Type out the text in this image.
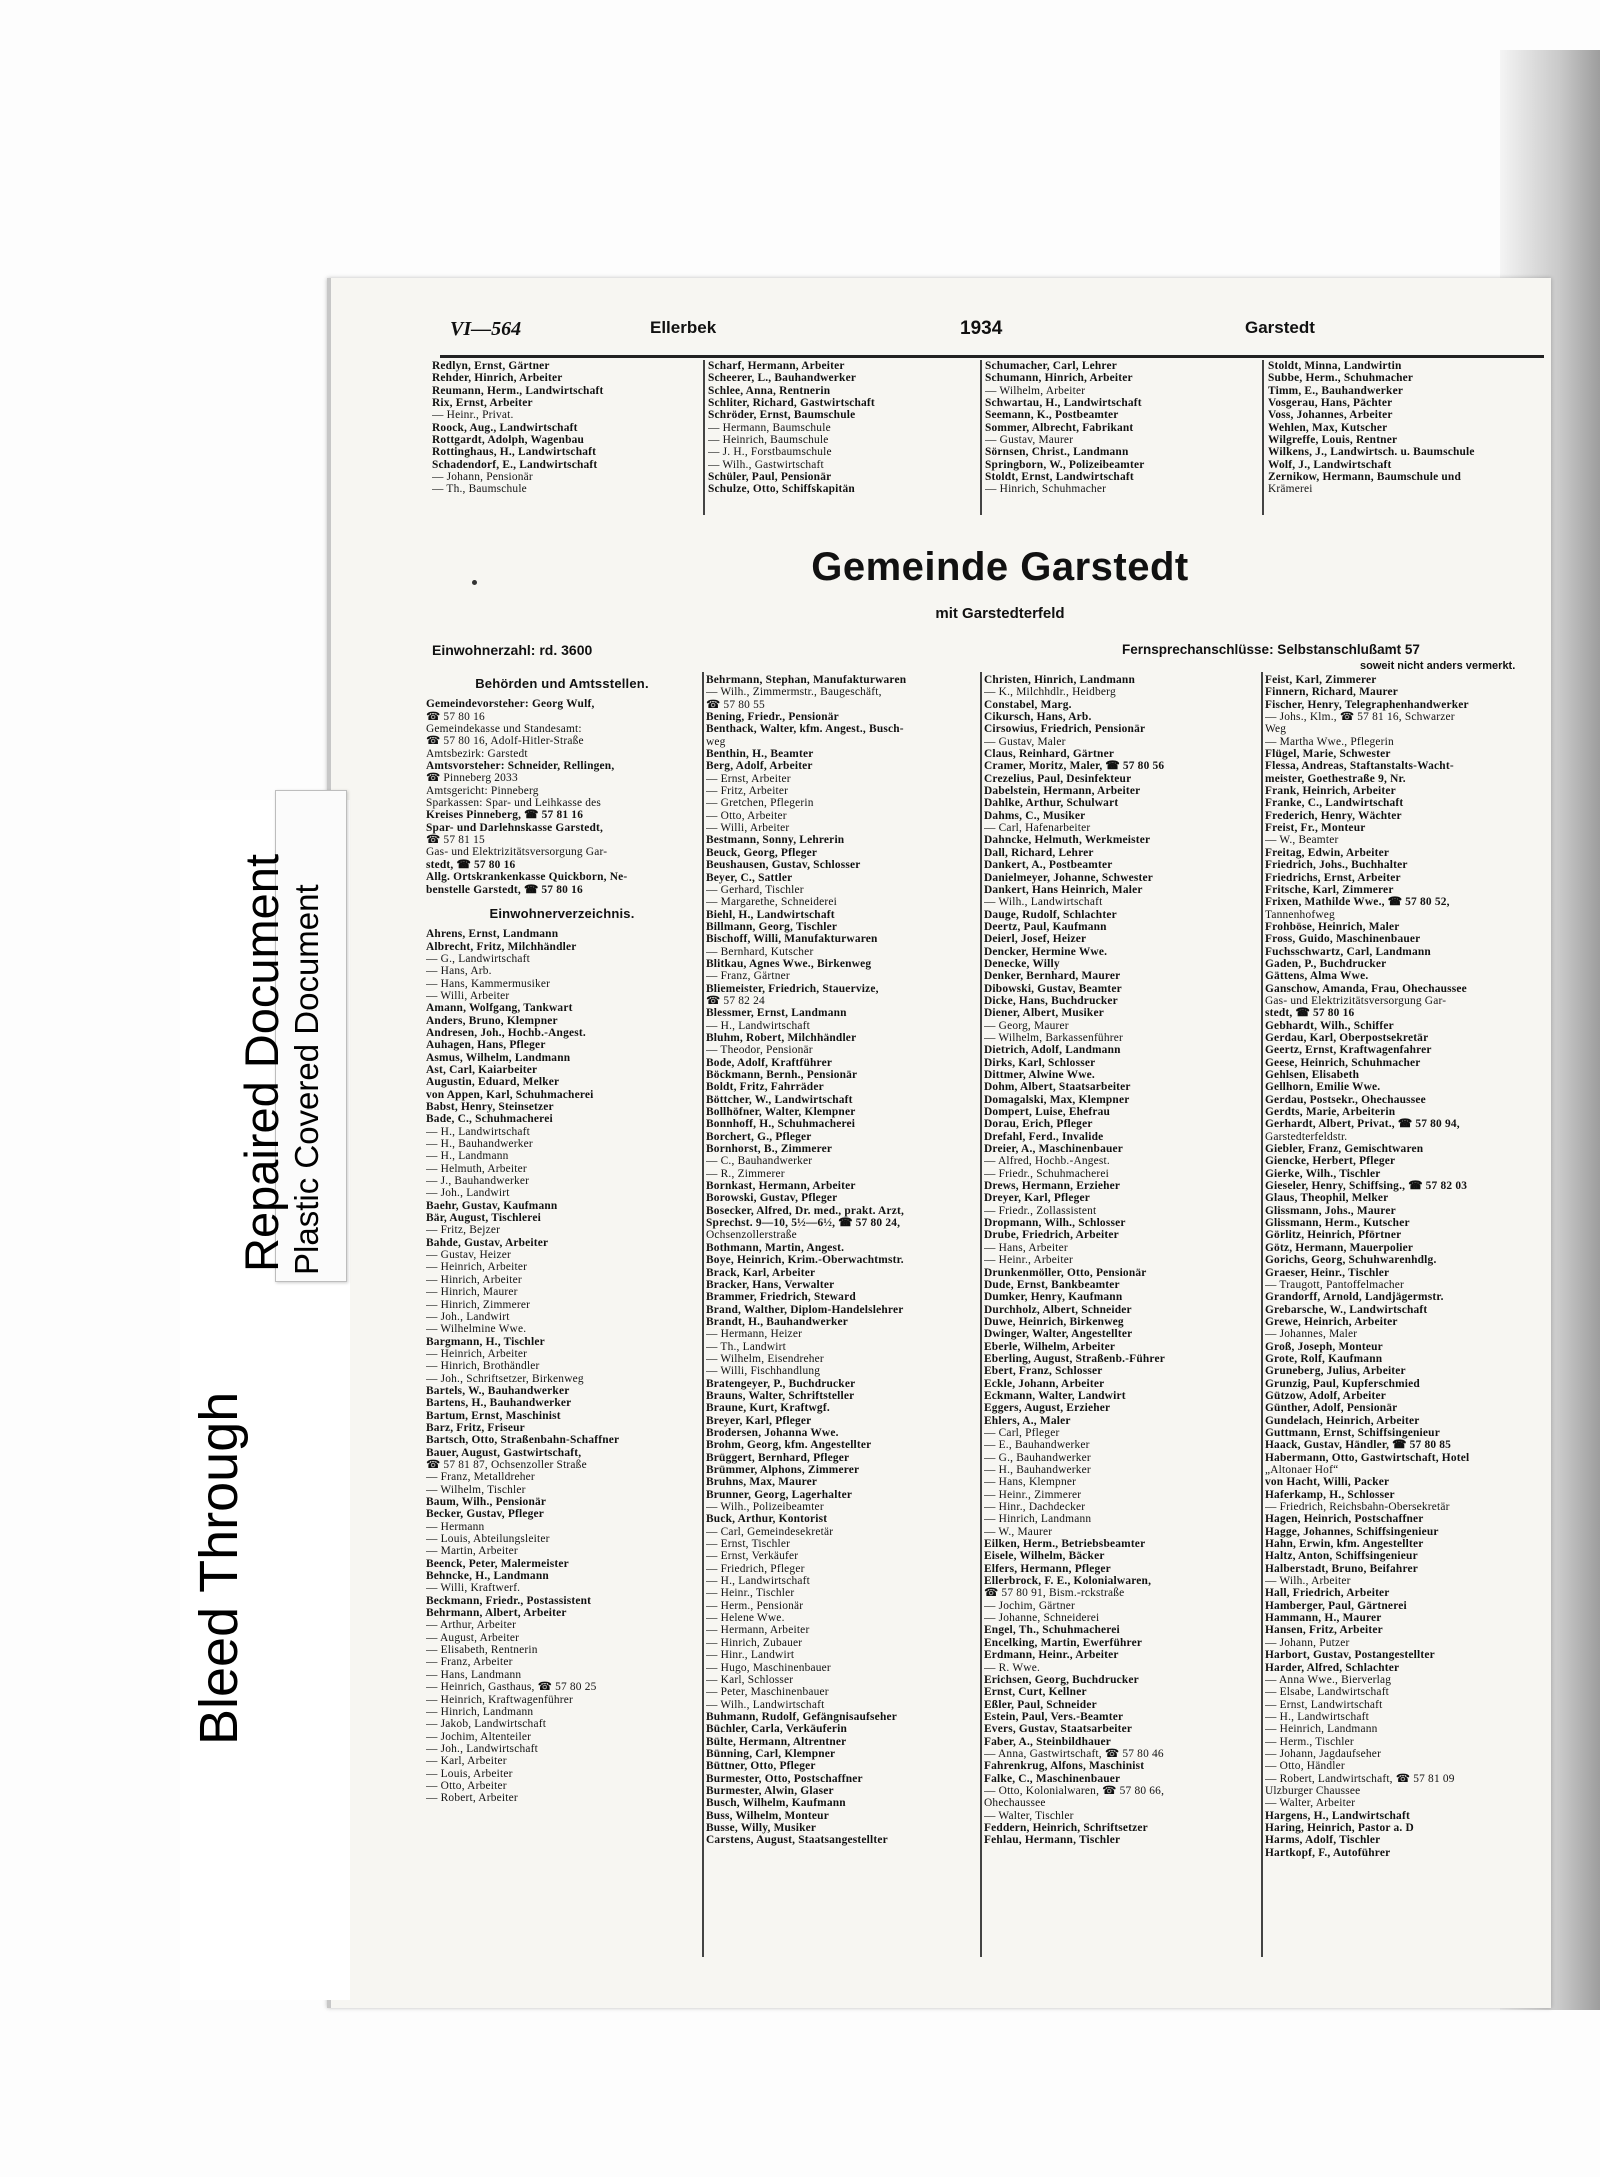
VI—564	Ellerbek	1934	Garstedt
Redlyn, Ernst, Gärtner
Rehder, Hinrich, Arbeiter
Reumann, Herm., Landwirtschaft
Rix, Ernst, Arbeiter
— Heinr., Privat.
Roock, Aug., Landwirtschaft
Rottgardt, Adolph, Wagenbau
Rottinghaus, H., Landwirtschaft
Schadendorf, E., Landwirtschaft
— Johann, Pensionär
— Th., Baumschule
Scharf, Hermann, Arbeiter
Scheerer, L., Bauhandwerker
Schlee, Anna, Rentnerin
Schliter, Richard, Gastwirtschaft
Schröder, Ernst, Baumschule
— Hermann, Baumschule
— Heinrich, Baumschule
— J. H., Forstbaumschule
— Wilh., Gastwirtschaft
Schüler, Paul, Pensionär
Schulze, Otto, Schiffskapitän
Schumacher, Carl, Lehrer
Schumann, Hinrich, Arbeiter
— Wilhelm, Arbeiter
Schwartau, H., Landwirtschaft
Seemann, K., Postbeamter
Sommer, Albrecht, Fabrikant
— Gustav, Maurer
Sörnsen, Christ., Landmann
Springborn, W., Polizeibeamter
Stoldt, Ernst, Landwirtschaft
— Hinrich, Schuhmacher
Stoldt, Minna, Landwirtin
Subbe, Herm., Schuhmacher
Timm, E., Bauhandwerker
Vosgerau, Hans, Pächter
Voss, Johannes, Arbeiter
Wehlen, Max, Kutscher
Wilgreffe, Louis, Rentner
Wilkens, J., Landwirtsch. u. Baumschule
Wolf, J., Landwirtschaft
Zernikow, Hermann, Baumschule und
Krämerei
Gemeinde Garstedt
mit Garstedterfeld
Einwohnerzahl: rd. 3600	Fernsprechanschlüsse: Selbstanschlußamt 57
soweit nicht anders vermerkt.
Behörden und Amtsstellen.
Gemeindevorsteher: Georg Wulf,
☎ 57 80 16
Gemeindekasse und Standesamt:
☎ 57 80 16, Adolf-Hitler-Straße
Amtsbezirk: Garstedt
Amtsvorsteher: Schneider, Rellingen,
☎ Pinneberg 2033
Amtsgericht: Pinneberg
Sparkassen: Spar- und Leihkasse des
Kreises Pinneberg, ☎ 57 81 16
Spar- und Darlehnskasse Garstedt,
☎ 57 81 15
Gas- und Elektrizitätsversorgung Gar-
stedt, ☎ 57 80 16
Allg. Ortskrankenkasse Quickborn, Ne-
benstelle Garstedt, ☎ 57 80 16
Einwohnerverzeichnis.
Ahrens, Ernst, Landmann
Albrecht, Fritz, Milchhändler
— G., Landwirtschaft
— Hans, Arb.
— Hans, Kammermusiker
— Willi, Arbeiter
Amann, Wolfgang, Tankwart
Anders, Bruno, Klempner
Andresen, Joh., Hochb.-Angest.
Auhagen, Hans, Pfleger
Asmus, Wilhelm, Landmann
Ast, Carl, Kaiarbeiter
Augustin, Eduard, Melker
von Appen, Karl, Schuhmacherei
Babst, Henry, Steinsetzer
Bade, C., Schuhmacherei
— H., Landwirtschaft
— H., Bauhandwerker
— H., Landmann
— Helmuth, Arbeiter
— J., Bauhandwerker
— Joh., Landwirt
Baehr, Gustav, Kaufmann
Bär, August, Tischlerei
— Fritz, Bejzer
Bahde, Gustav, Arbeiter
— Gustav, Heizer
— Heinrich, Arbeiter
— Hinrich, Arbeiter
— Hinrich, Maurer
— Hinrich, Zimmerer
— Joh., Landwirt
— Wilhelmine Wwe.
Bargmann, H., Tischler
— Heinrich, Arbeiter
— Hinrich, Brothändler
— Joh., Schriftsetzer, Birkenweg
Bartels, W., Bauhandwerker
Bartens, H., Bauhandwerker
Bartum, Ernst, Maschinist
Barz, Fritz, Friseur
Bartsch, Otto, Straßenbahn-Schaffner
Bauer, August, Gastwirtschaft,
☎ 57 81 87, Ochsenzoller Straße
— Franz, Metalldreher
— Wilhelm, Tischler
Baum, Wilh., Pensionär
Becker, Gustav, Pfleger
— Hermann
— Louis, Abteilungsleiter
— Martin, Arbeiter
Beenck, Peter, Malermeister
Behncke, H., Landmann
— Willi, Kraftwerf.
Beckmann, Friedr., Postassistent
Behrmann, Albert, Arbeiter
— Arthur, Arbeiter
— August, Arbeiter
— Elisabeth, Rentnerin
— Franz, Arbeiter
— Hans, Landmann
— Heinrich, Gasthaus, ☎ 57 80 25
— Heinrich, Kraftwagenführer
— Hinrich, Landmann
— Jakob, Landwirtschaft
— Jochim, Altenteiler
— Joh., Landwirtschaft
— Karl, Arbeiter
— Louis, Arbeiter
— Otto, Arbeiter
— Robert, Arbeiter
Behrmann, Stephan, Manufakturwaren
— Wilh., Zimmermstr., Baugeschäft,
☎ 57 80 55
Bening, Friedr., Pensionär
Benthack, Walter, kfm. Angest., Busch-
weg
Benthin, H., Beamter
Berg, Adolf, Arbeiter
— Ernst, Arbeiter
— Fritz, Arbeiter
— Gretchen, Pflegerin
— Otto, Arbeiter
— Willi, Arbeiter
Bestmann, Sonny, Lehrerin
Beuck, Georg, Pfleger
Beushausen, Gustav, Schlosser
Beyer, C., Sattler
— Gerhard, Tischler
— Margarethe, Schneiderei
Biehl, H., Landwirtschaft
Billmann, Georg, Tischler
Bischoff, Willi, Manufakturwaren
— Bernhard, Kutscher
Blitkau, Agnes Wwe., Birkenweg
— Franz, Gärtner
Bliemeister, Friedrich, Stauervize,
☎ 57 82 24
Blessmer, Ernst, Landmann
— H., Landwirtschaft
Bluhm, Robert, Milchhändler
— Theodor, Pensionär
Bode, Adolf, Kraftführer
Böckmann, Bernh., Pensionär
Boldt, Fritz, Fahrräder
Böttcher, W., Landwirtschaft
Bollhöfner, Walter, Klempner
Bonnhoff, H., Schuhmacherei
Borchert, G., Pfleger
Bornhorst, B., Zimmerer
— C., Bauhandwerker
— R., Zimmerer
Bornkast, Hermann, Arbeiter
Borowski, Gustav, Pfleger
Bosecker, Alfred, Dr. med., prakt. Arzt,
Sprechst. 9—10, 5½—6½, ☎ 57 80 24,
Ochsenzollerstraße
Bothmann, Martin, Angest.
Boye, Heinrich, Krim.-Oberwachtmstr.
Brack, Karl, Arbeiter
Bracker, Hans, Verwalter
Brammer, Friedrich, Steward
Brand, Walther, Diplom-Handelslehrer
Brandt, H., Bauhandwerker
— Hermann, Heizer
— Th., Landwirt
— Wilhelm, Eisendreher
— Willi, Fischhandlung
Bratengeyer, P., Buchdrucker
Brauns, Walter, Schriftsteller
Braune, Kurt, Kraftwgf.
Breyer, Karl, Pfleger
Brodersen, Johanna Wwe.
Brohm, Georg, kfm. Angestellter
Brüggert, Bernhard, Pfleger
Brümmer, Alphons, Zimmerer
Bruhns, Max, Maurer
Brunner, Georg, Lagerhalter
— Wilh., Polizeibeamter
Buck, Arthur, Kontorist
— Carl, Gemeindesekretär
— Ernst, Tischler
— Ernst, Verkäufer
— Friedrich, Pfleger
— H., Landwirtschaft
— Heinr., Tischler
— Herm., Pensionär
— Helene Wwe.
— Hermann, Arbeiter
— Hinrich, Zubauer
— Hinr., Landwirt
— Hugo, Maschinenbauer
— Karl, Schlosser
— Peter, Maschinenbauer
— Wilh., Landwirtschaft
Buhmann, Rudolf, Gefängnisaufseher
Büchler, Carla, Verkäuferin
Bülte, Hermann, Altrentner
Bünning, Carl, Klempner
Büttner, Otto, Pfleger
Burmester, Otto, Postschaffner
Burmester, Alwin, Glaser
Busch, Wilhelm, Kaufmann
Buss, Wilhelm, Monteur
Busse, Willy, Musiker
Carstens, August, Staatsangestellter
Christen, Hinrich, Landmann
— K., Milchhdlr., Heidberg
Constabel, Marg.
Cikursch, Hans, Arb.
Cirsowius, Friedrich, Pensionär
— Gustav, Maler
Claus, Reinhard, Gärtner
Cramer, Moritz, Maler, ☎ 57 80 56
Crezelius, Paul, Desinfekteur
Dabelstein, Hermann, Arbeiter
Dahlke, Arthur, Schulwart
Dahms, C., Musiker
— Carl, Hafenarbeiter
Dahncke, Helmuth, Werkmeister
Dall, Richard, Lehrer
Dankert, A., Postbeamter
Danielmeyer, Johanne, Schwester
Dankert, Hans Heinrich, Maler
— Wilh., Landwirtschaft
Dauge, Rudolf, Schlachter
Deertz, Paul, Kaufmann
Deierl, Josef, Heizer
Dencker, Hermine Wwe.
Denecke, Willy
Denker, Bernhard, Maurer
Dibowski, Gustav, Beamter
Dicke, Hans, Buchdrucker
Diener, Albert, Musiker
— Georg, Maurer
— Wilhelm, Barkassenführer
Dietrich, Adolf, Landmann
Dirks, Karl, Schlosser
Dittmer, Alwine Wwe.
Dohm, Albert, Staatsarbeiter
Domagalski, Max, Klempner
Dompert, Luise, Ehefrau
Dorau, Erich, Pfleger
Drefahl, Ferd., Invalide
Dreier, A., Maschinenbauer
— Alfred, Hochb.-Angest.
— Friedr., Schuhmacherei
Drews, Hermann, Erzieher
Dreyer, Karl, Pfleger
— Friedr., Zollassistent
Dropmann, Wilh., Schlosser
Drube, Friedrich, Arbeiter
— Hans, Arbeiter
— Heinr., Arbeiter
Drunkenmöller, Otto, Pensionär
Dude, Ernst, Bankbeamter
Dumker, Henry, Kaufmann
Durchholz, Albert, Schneider
Duwe, Heinrich, Birkenweg
Dwinger, Walter, Angestellter
Eberle, Wilhelm, Arbeiter
Eberling, August, Straßenb.-Führer
Ebert, Franz, Schlosser
Eckle, Johann, Arbeiter
Eckmann, Walter, Landwirt
Eggers, August, Erzieher
Ehlers, A., Maler
— Carl, Pfleger
— E., Bauhandwerker
— G., Bauhandwerker
— H., Bauhandwerker
— Hans, Klempner
— Heinr., Zimmerer
— Hinr., Dachdecker
— Hinrich, Landmann
— W., Maurer
Eilken, Herm., Betriebsbeamter
Eisele, Wilhelm, Bäcker
Elfers, Hermann, Pfleger
Ellerbrock, F. E., Kolonialwaren,
☎ 57 80 91, Bism.-rckstraße
— Jochim, Gärtner
— Johanne, Schneiderei
Engel, Th., Schuhmacherei
Encelking, Martin, Ewerführer
Erdmann, Heinr., Arbeiter
— R. Wwe.
Erichsen, Georg, Buchdrucker
Ernst, Curt, Kellner
Eßler, Paul, Schneider
Estein, Paul, Vers.-Beamter
Evers, Gustav, Staatsarbeiter
Faber, A., Steinbildhauer
— Anna, Gastwirtschaft, ☎ 57 80 46
Fahrenkrug, Alfons, Maschinist
Falke, C., Maschinenbauer
— Otto, Kolonialwaren, ☎ 57 80 66,
Ohechaussee
— Walter, Tischler
Feddern, Heinrich, Schriftsetzer
Fehlau, Hermann, Tischler
Feist, Karl, Zimmerer
Finnern, Richard, Maurer
Fischer, Henry, Telegraphenhandwerker
— Johs., Klm., ☎ 57 81 16, Schwarzer
Weg
— Martha Wwe., Pflegerin
Flügel, Marie, Schwester
Flessa, Andreas, Staftanstalts-Wacht-
meister, Goethestraße 9, Nr.
Frank, Heinrich, Arbeiter
Franke, C., Landwirtschaft
Frederich, Henry, Wächter
Freist, Fr., Monteur
— W., Beamter
Freitag, Edwin, Arbeiter
Friedrich, Johs., Buchhalter
Friedrichs, Ernst, Arbeiter
Fritsche, Karl, Zimmerer
Frixen, Mathilde Wwe., ☎ 57 80 52,
Tannenhofweg
Frohböse, Heinrich, Maler
Fross, Guido, Maschinenbauer
Fuchsschwartz, Carl, Landmann
Gaden, P., Buchdrucker
Gättens, Alma Wwe.
Ganschow, Amanda, Frau, Ohechaussee
Gas- und Elektrizitätsversorgung Gar-
stedt, ☎ 57 80 16
Gebhardt, Wilh., Schiffer
Gerdau, Karl, Oberpostsekretär
Geertz, Ernst, Kraftwagenfahrer
Geese, Heinrich, Schuhmacher
Gehlsen, Elisabeth
Gellhorn, Emilie Wwe.
Gerdau, Postsekr., Ohechaussee
Gerdts, Marie, Arbeiterin
Gerhardt, Albert, Privat., ☎ 57 80 94,
Garstedterfeldstr.
Giebler, Franz, Gemischtwaren
Giencke, Herbert, Pfleger
Gierke, Wilh., Tischler
Gieseler, Henry, Schiffsing., ☎ 57 82 03
Glaus, Theophil, Melker
Glissmann, Johs., Maurer
Glissmann, Herm., Kutscher
Görlitz, Heinrich, Pförtner
Götz, Hermann, Mauerpolier
Gorichs, Georg, Schuhwarenhdlg.
Graeser, Heinr., Tischler
— Traugott, Pantoffelmacher
Grandorff, Arnold, Landjägermstr.
Grebarsche, W., Landwirtschaft
Grewe, Heinrich, Arbeiter
— Johannes, Maler
Groß, Joseph, Monteur
Grote, Rolf, Kaufmann
Gruneberg, Julius, Arbeiter
Grunzig, Paul, Kupferschmied
Gützow, Adolf, Arbeiter
Günther, Adolf, Pensionär
Gundelach, Heinrich, Arbeiter
Guttmann, Ernst, Schiffsingenieur
Haack, Gustav, Händler, ☎ 57 80 85
Habermann, Otto, Gastwirtschaft, Hotel
„Altonaer Hof“
von Hacht, Willi, Packer
Haferkamp, H., Schlosser
— Friedrich, Reichsbahn-Obersekretär
Hagen, Heinrich, Postschaffner
Hagge, Johannes, Schiffsingenieur
Hahn, Erwin, kfm. Angestellter
Haltz, Anton, Schiffsingenieur
Halberstadt, Bruno, Beifahrer
— Wilh., Arbeiter
Hall, Friedrich, Arbeiter
Hamberger, Paul, Gärtnerei
Hammann, H., Maurer
Hansen, Fritz, Arbeiter
— Johann, Putzer
Harbort, Gustav, Postangestellter
Harder, Alfred, Schlachter
— Anna Wwe., Bierverlag
— Elsabe, Landwirtschaft
— Ernst, Landwirtschaft
— H., Landwirtschaft
— Heinrich, Landmann
— Herm., Tischler
— Johann, Jagdaufseher
— Otto, Händler
— Robert, Landwirtschaft, ☎ 57 81 09
Ulzburger Chaussee
— Walter, Arbeiter
Hargens, H., Landwirtschaft
Haring, Heinrich, Pastor a. D
Harms, Adolf, Tischler
Hartkopf, F., Autoführer
Bleed Through
Repaired Document Plastic Covered Document
